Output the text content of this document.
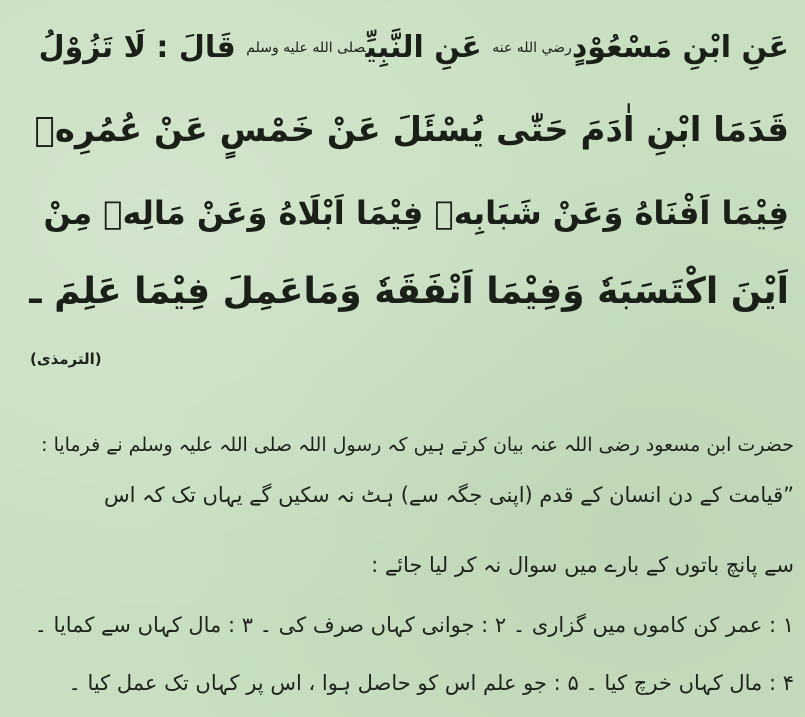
عَنِ ابْنِ مَسْعُوْدٍ$^{رضي الله عنه}$ عَنِ النَّبِيِّ$^{صلى الله عليه وسلم}$ قَالَ : لَا تَزُوْلُ
قَدَمَا ابْنِ اٰدَمَ حَتّٰى يُسْئَلَ عَنْ خَمْسٍ عَنْ عُمُرِهٖ
فِيْمَا اَفْنَاهُ وَعَنْ شَبَابِهٖ فِيْمَا اَبْلَاهُ وَعَنْ مَالِهٖ مِنْ
اَيْنَ اكْتَسَبَهٗ وَفِيْمَا اَنْفَقَهٗ وَمَاعَمِلَ فِيْمَا عَلِمَ ـ
(الترمذی)
حضرت ابن مسعود رضی اللہ عنہ بیان کرتے ہیں کہ رسول اللہ صلی اللہ علیہ وسلم نے فرمایا :
”قیامت کے دن انسان کے قدم (اپنی جگہ سے) ہٹ نہ سکیں گے یہاں تک کہ اس
سے پانچ باتوں کے بارے میں سوال نہ کر لیا جائے :
۱ : عمر کن کاموں میں گزاری ۔ ۲ : جوانی کہاں صرف کی ۔ ۳ : مال کہاں سے کمایا ۔
۴ : مال کہاں خرچ کیا ۔ ۵ : جو علم اس کو حاصل ہوا ، اس پر کہاں تک عمل کیا ۔
